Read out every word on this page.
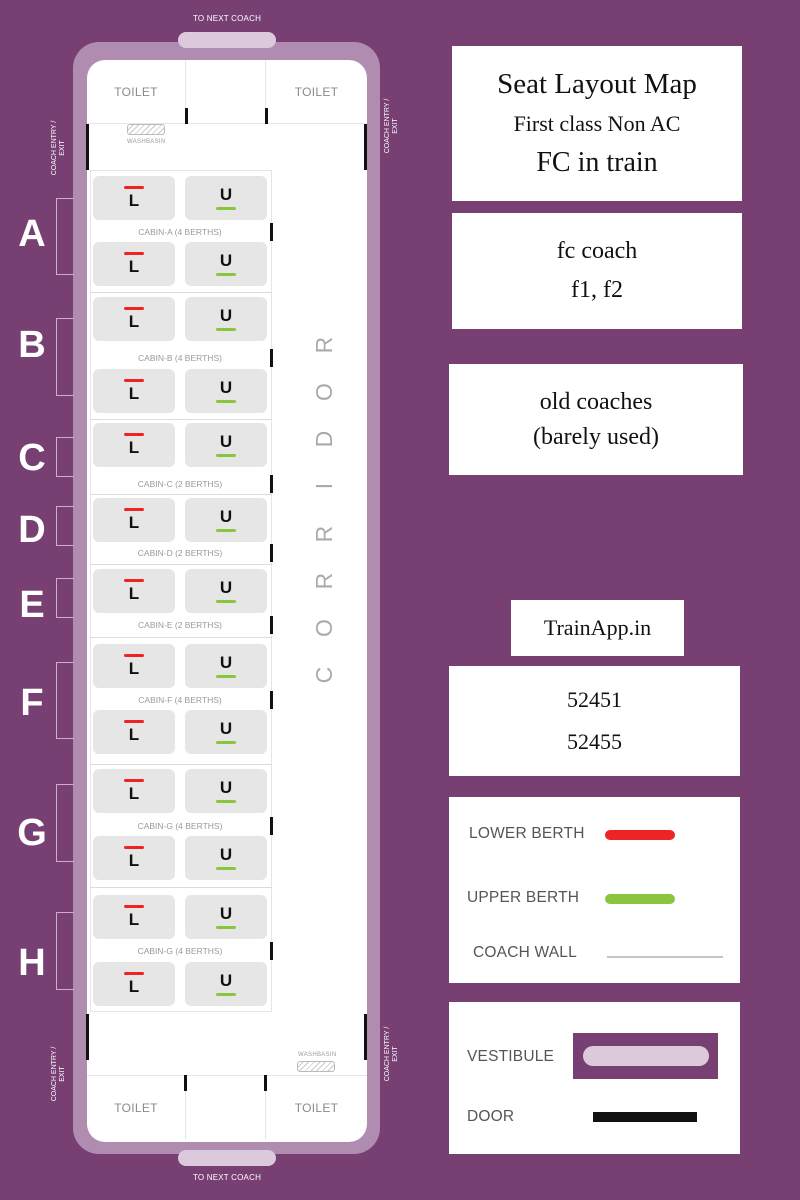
TO NEXT COACH
TO NEXT COACH
TOILET	TOILET
WASHBASIN
COACH ENTRY / EXIT	COACH ENTRY / EXIT
L	U
CABIN-A (4 BERTHS)
L	U
L	U
CABIN-B (4 BERTHS)
L	U
L	U
CABIN-C (2 BERTHS)
L	U
CABIN-D (2 BERTHS)
L	U
CABIN-E (2 BERTHS)
L	U
CABIN-F (4 BERTHS)
L	U
L	U
CABIN-G (4 BERTHS)
L	U
L	U
CABIN-G (4 BERTHS)
L	U
R
O
D
I
R
R
O
C
WASHBASIN
COACH ENTRY / EXIT	COACH ENTRY / EXIT
TOILET	TOILET
A
B
C
D
E
F
G
H
Seat Layout Map
First class Non AC
FC in train
fc coach
f1, f2
old coaches
(barely used)
TrainApp.in
52451
52455
LOWER BERTH
UPPER BERTH
COACH WALL
VESTIBULE
DOOR
